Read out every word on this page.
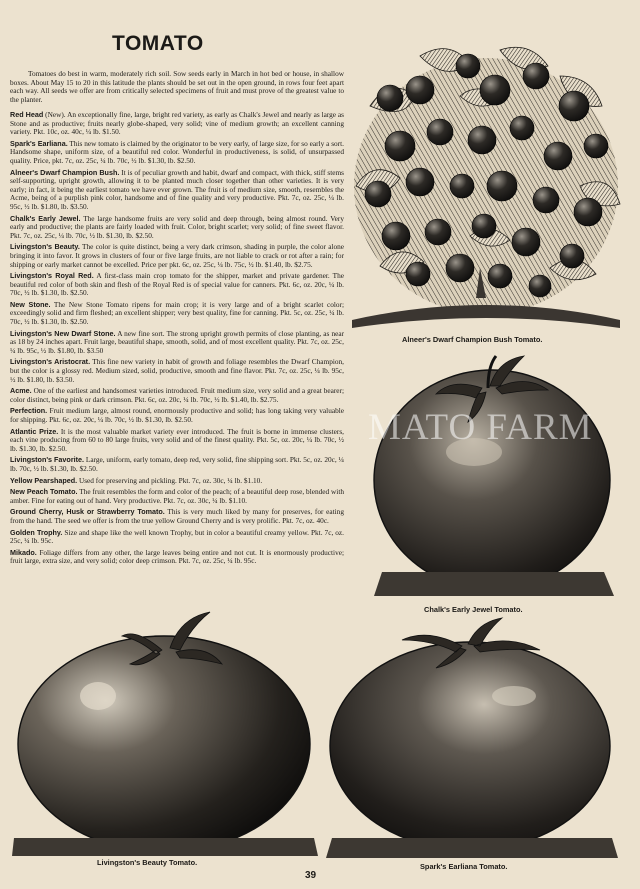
TOMATO

Tomatoes do best in warm, moderately rich soil. Sow seeds early in March in hot bed or house, in shallow boxes. About May 15 to 20 in this latitude the plants should be set out in the open ground, in rows four feet apart each way. All seeds we offer are from critically selected specimens of fruit and must prove of the greatest value to the planter.

Red Head (New). An exceptionally fine, large, bright red variety, as early as Chalk's Jewel and nearly as large as Stone and as productive; fruits nearly globe-shaped, very solid; vine of medium growth; an excellent canning variety. Pkt. 10c, oz. 40c, ¼ lb. $1.50.

Spark's Earliana. This new tomato is claimed by the originator to be very early, of large size, for so early a sort. Handsome shape, uniform size, of a beautiful red color. Wonderful in productiveness, is solid, of unsurpassed quality. Price, pkt. 7c, oz. 25c, ¼ lb. 70c, ½ lb. $1.30, lb. $2.50.

Alneer's Dwarf Champion Bush. It is of peculiar growth and habit, dwarf and compact, with thick, stiff stems self-supporting, upright growth, allowing it to be planted much closer together than other varieties. It is very early; in fact, it being the earliest tomato we have ever grown. The fruit is of medium size, smooth, resembles the Acme, being of a purplish pink color, handsome and of fine quality and very productive. Pkt. 7c, oz. 25c, ¼ lb. 95c, ½ lb. $1.80, lb. $3.50.

Chalk's Early Jewel. The large handsome fruits are very solid and deep through, being almost round. Very early and productive; the plants are fairly loaded with fruit. Color, bright scarlet; very solid; of fine sweet flavor. Pkt. 7c, oz. 25c, ¼ lb. 70c, ½ lb. $1.30, lb. $2.50.

Livingston's Beauty. The color is quite distinct, being a very dark crimson, shading in purple, the color alone bringing it into favor. It grows in clusters of four or five large fruits, are not liable to crack or rot after a rain; for shipping or early market cannot be excelled. Price per pkt. 6c, oz. 25c, ¼ lb. 75c, ½ lb. $1.40, lb. $2.75.

Livingston's Royal Red. A first-class main crop tomato for the shipper, market and private gardener. The beautiful red color of both skin and flesh of the Royal Red is of special value for canners. Pkt. 6c, oz. 20c, ¼ lb. 70c, ½ lb. $1.30, lb. $2.50.

New Stone. The New Stone Tomato ripens for main crop; it is very large and of a bright scarlet color; exceedingly solid and firm fleshed; an excellent shipper; very best quality, fine for canning. Pkt. 5c, oz. 25c, ¼ lb. 70c, ½ lb. $1.30, lb. $2.50.

Livingston's New Dwarf Stone. A new fine sort. The strong upright growth permits of close planting, as near as 18 by 24 inches apart. Fruit large, beautiful shape, smooth, solid, and of most excellent quality. Pkt. 7c, oz. 25c, ¼ lb. 95c, ½ lb. $1.80, lb. $3.50

Livingston's Aristocrat. This fine new variety in habit of growth and foliage resembles the Dwarf Champion, but the color is a glossy red. Medium sized, solid, productive, smooth and fine flavor. Pkt. 7c, oz. 25c, ¼ lb. 95c, ½ lb. $1.80, lb. $3.50.

Acme. One of the earliest and handsomest varieties introduced. Fruit medium size, very solid and a great bearer; color distinct, being pink or dark crimson. Pkt. 6c, oz. 20c, ¼ lb. 70c, ½ lb. $1.40, lb. $2.75.

Perfection. Fruit medium large, almost round, enormously productive and solid; has long taking very valuable for shipping. Pkt. 6c, oz. 20c, ¼ lb. 70c, ½ lb. $1.30, lb. $2.50.

Atlantic Prize. It is the most valuable market variety ever introduced. The fruit is borne in immense clusters, each vine producing from 60 to 80 large fruits, very solid and of the finest quality. Pkt. 5c, oz. 20c, ¼ lb. 70c, ½ lb. $1.30, lb. $2.50.

Livingston's Favorite. Large, uniform, early tomato, deep red, very solid, fine shipping sort. Pkt. 5c, oz. 20c, ¼ lb. 70c, ½ lb. $1.30, lb. $2.50.

Yellow Pearshaped. Used for preserving and pickling. Pkt. 7c, oz. 30c, ¼ lb. $1.10.

New Peach Tomato. The fruit resembles the form and color of the peach; of a beautiful deep rose, blended with amber. Fine for eating out of hand. Very productive. Pkt. 7c, oz. 30c, ¼ lb. $1.10.

Ground Cherry, Husk or Strawberry Tomato. This is very much liked by many for preserves, for eating from the hand. The seed we offer is from the true yellow Ground Cherry and is very prolific. Pkt. 7c, oz. 40c.

Golden Trophy. Size and shape like the well known Trophy, but in color a beautiful creamy yellow. Pkt. 7c, oz. 25c, ¼ lb. 95c.

Mikado. Foliage differs from any other, the large leaves being entire and not cut. It is enormously productive; fruit large, extra size, and very solid; color deep crimson. Pkt. 7c, oz. 25c, ¼ lb. 95c.

Alneer's Dwarf Champion Bush Tomato.
Chalk's Early Jewel Tomato.
Livingston's Beauty Tomato.	Spark's Earliana Tomato.
MATO FARM
39
